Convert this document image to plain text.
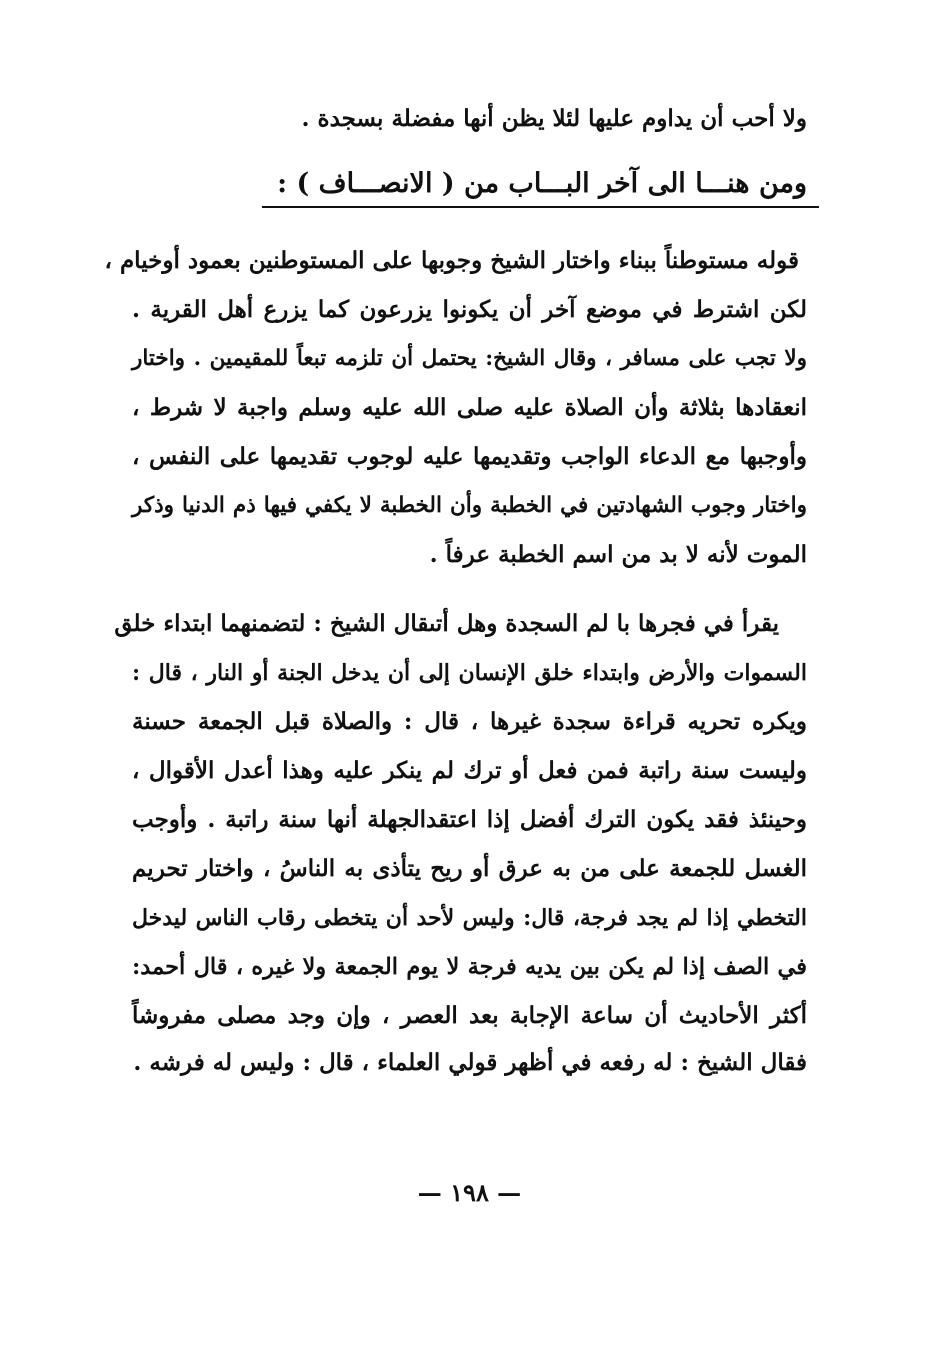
ولا أحب أن يداوم عليها لئلا يظن أنها مفضلة بسجدة .
ومن هنـــا الى آخر البـــاب من ( الانصـــاف ) :
قوله مستوطناً ببناء واختار الشيخ وجوبها على المستوطنين بعمود أوخيام ،
لكن اشترط في موضع آخر أن يكونوا يزرعون كما يزرع أهل القرية .
ولا تجب على مسافر ، وقال الشيخ: يحتمل أن تلزمه تبعاً للمقيمين . واختار
انعقادها بثلاثة وأن الصلاة عليه صلى الله عليه وسلم واجبة لا شرط ،
وأوجبها مع الدعاء الواجب وتقديمها عليه لوجوب تقديمها على النفس ،
واختار وجوب الشهادتين في الخطبة وأن الخطبة لا يكفي فيها ذم الدنيا وذكر
الموت لأنه لا بد من اسم الخطبة عرفاً .
يقرأ في فجرها با لم السجدة وهل أتىقال الشيخ : لتضمنهما ابتداء خلق
السموات والأرض وابتداء خلق الإنسان إلى أن يدخل الجنة أو النار ، قال :
ويكره تحريه قراءة سجدة غيرها ، قال : والصلاة قبل الجمعة حسنة
وليست سنة راتبة فمن فعل أو ترك لم ينكر عليه وهذا أعدل الأقوال ،
وحينئذ فقد يكون الترك أفضل إذا اعتقدالجهلة أنها سنة راتبة . وأوجب
الغسل للجمعة على من به عرق أو ريح يتأذى به الناسُ ، واختار تحريم
التخطي إذا لم يجد فرجة، قال: وليس لأحد أن يتخطى رقاب الناس ليدخل
في الصف إذا لم يكن بين يديه فرجة لا يوم الجمعة ولا غيره ، قال أحمد:
أكثر الأحاديث أن ساعة الإجابة بعد العصر ، وإن وجد مصلى مفروشاً
فقال الشيخ : له رفعه في أظهر قولي العلماء ، قال : وليس له فرشه .
— ١٩٨ —
